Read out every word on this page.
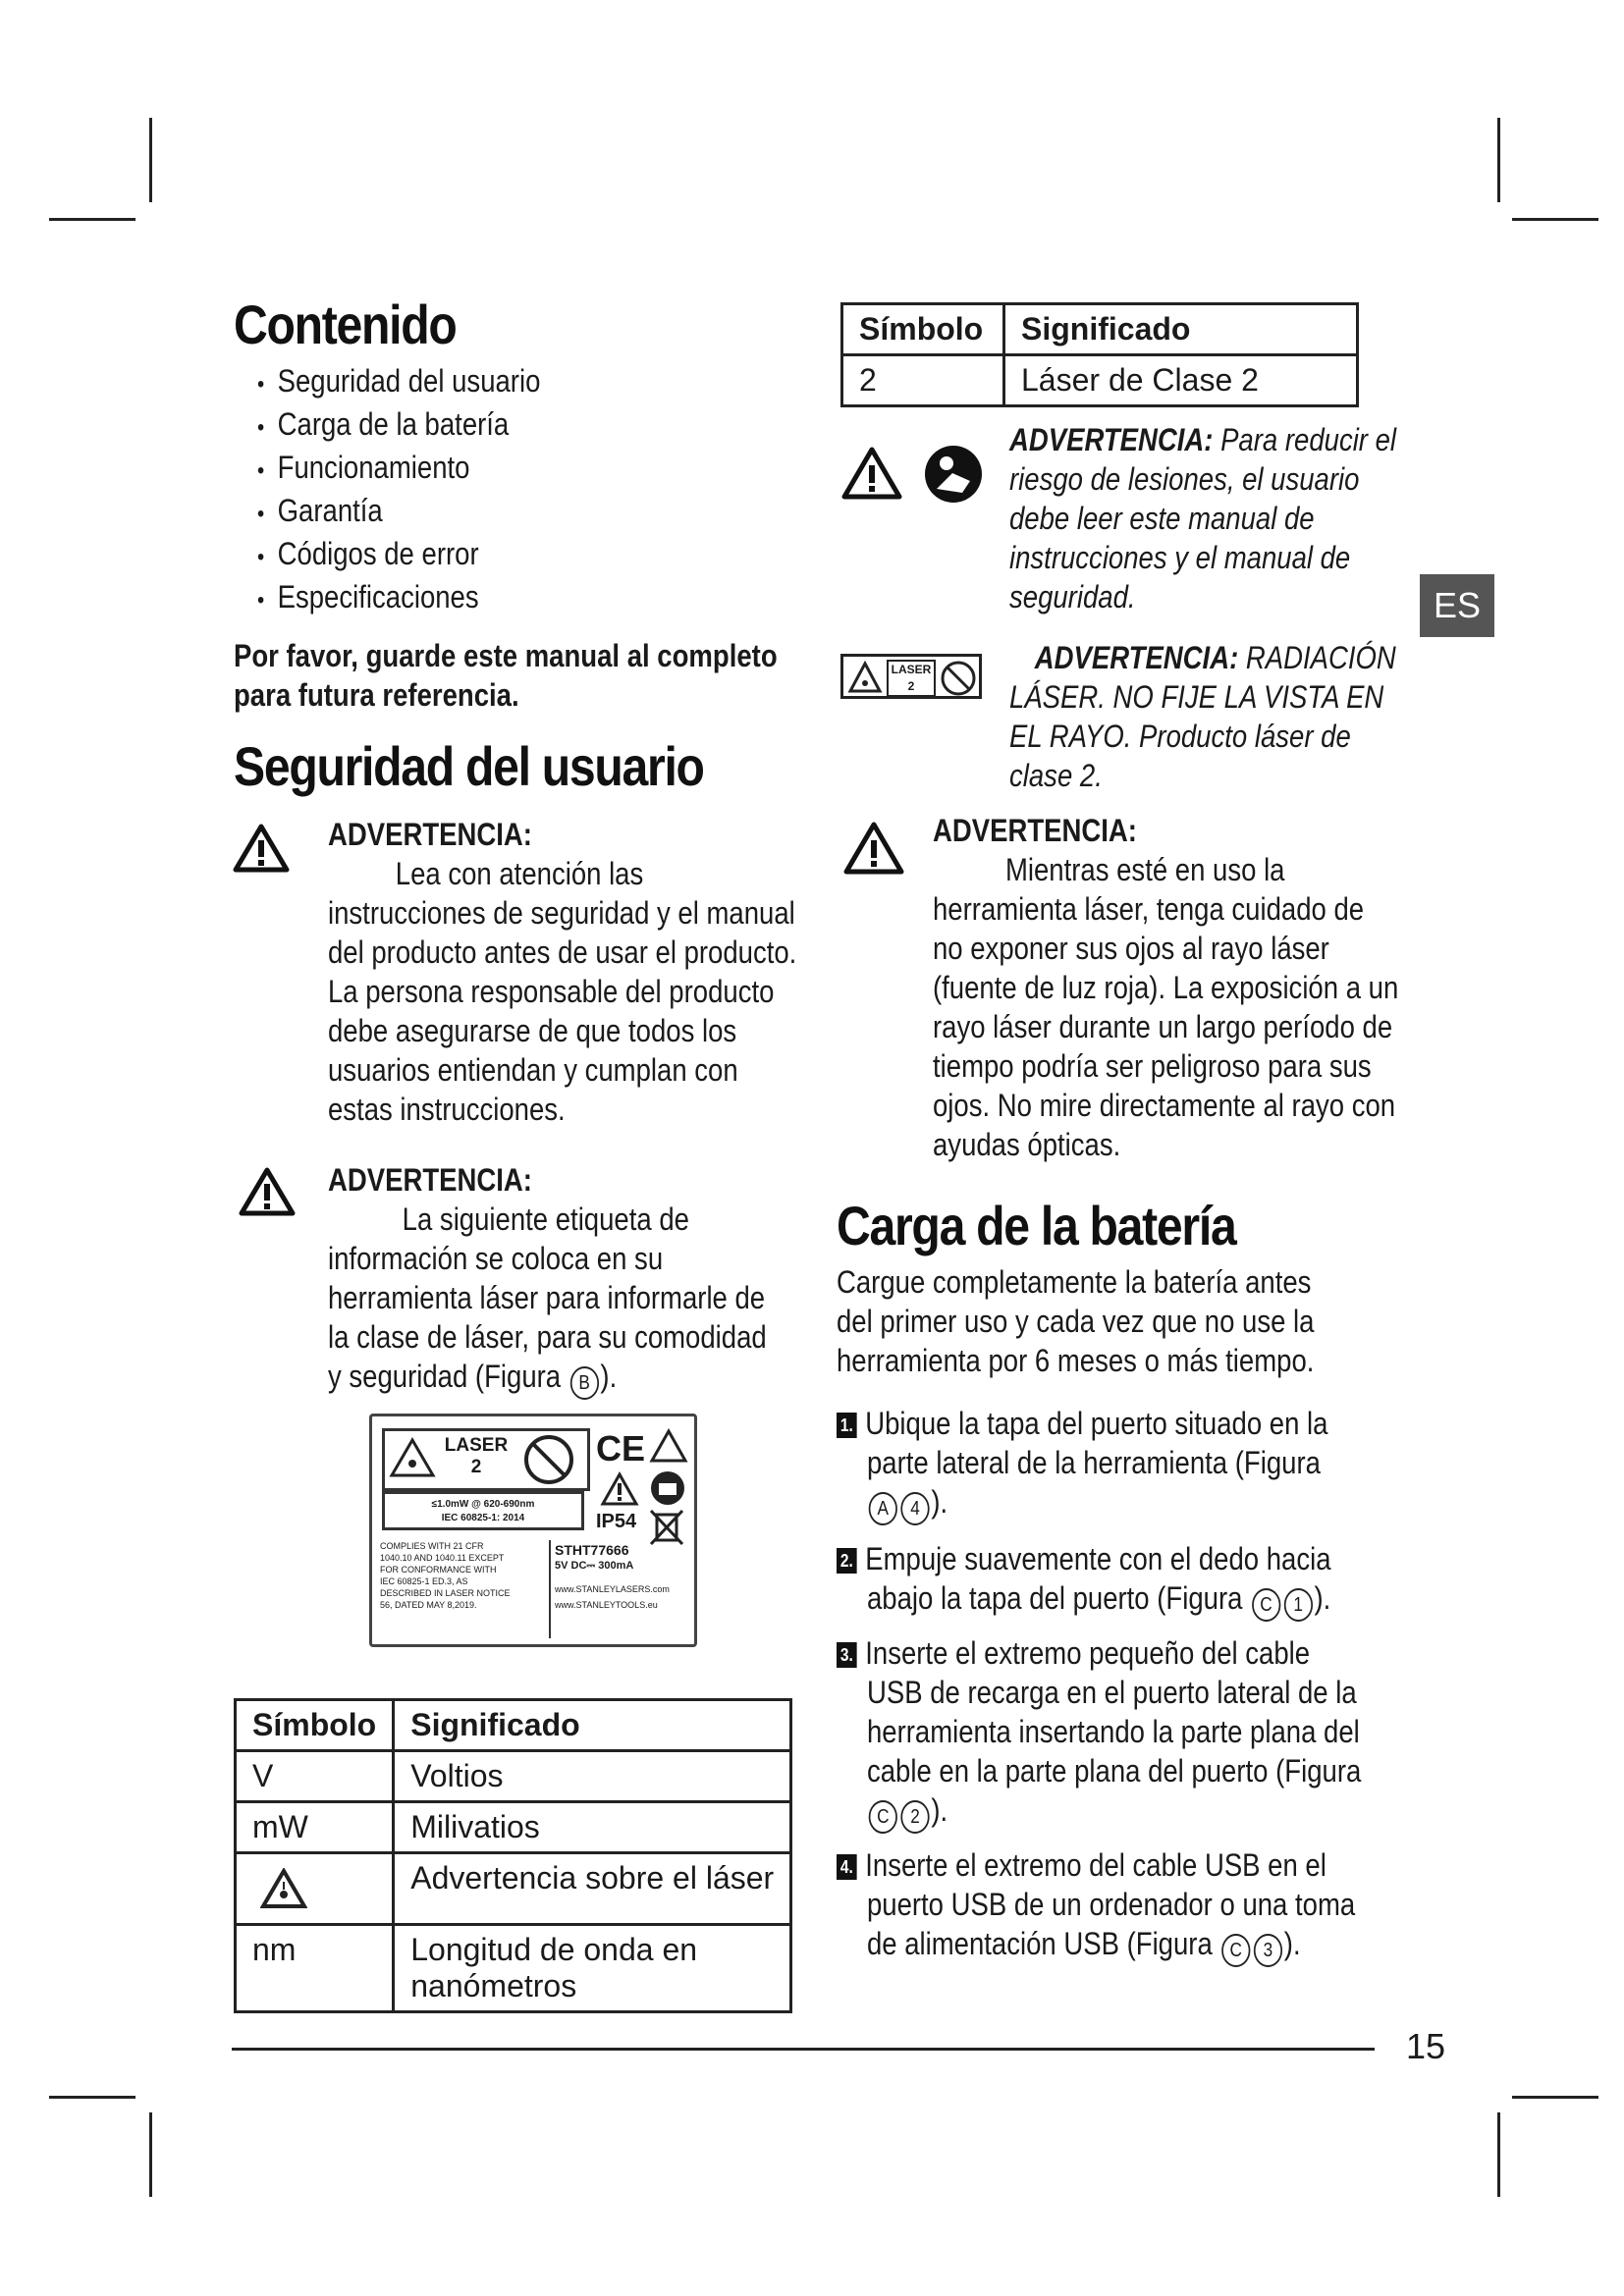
Contenido
• Seguridad del usuario
• Carga de la batería
• Funcionamiento
• Garantía
• Códigos de error
• Especificaciones
Por favor, guarde este manual al completo
para futura referencia.
Seguridad del usuario
ADVERTENCIA:
Lea con atención las
instrucciones de seguridad y el manual
del producto antes de usar el producto.
La persona responsable del producto
debe asegurarse de que todos los
usuarios entiendan y cumplan con
estas instrucciones.
ADVERTENCIA:
La siguiente etiqueta de
información se coloca en su
herramienta láser para informarle de
la clase de láser, para su comodidad
y seguridad (Figura B ).
LASER
2	CE
≤1.0mW @ 620-690nm
IEC 60825-1: 2014	IP54
COMPLIES WITH 21 CFR
1040.10 AND 1040.11 EXCEPT
FOR CONFORMANCE WITH
IEC 60825-1 ED.3, AS
DESCRIBED IN LASER NOTICE
56, DATED MAY 8,2019.
STHT77666
5V DC⎓ 300mA
www.STANLEYLASERS.com
www.STANLEYTOOLS.eu
Símbolo	Significado
V	Voltios
mW	Milivatios
	Advertencia sobre el láser
nm	Longitud de onda en
nanómetros
Símbolo	Significado
2	Láser de Clase 2
ADVERTENCIA: Para reducir el
riesgo de lesiones, el usuario
debe leer este manual de
instrucciones y el manual de
seguridad.	ES
LASER
2
ADVERTENCIA: RADIACIÓN
LÁSER. NO FIJE LA VISTA EN
EL RAYO. Producto láser de
clase 2.
ADVERTENCIA:
Mientras esté en uso la
herramienta láser, tenga cuidado de
no exponer sus ojos al rayo láser
(fuente de luz roja). La exposición a un
rayo láser durante un largo período de
tiempo podría ser peligroso para sus
ojos. No mire directamente al rayo con
ayudas ópticas.
Carga de la batería
Cargue completamente la batería antes
del primer uso y cada vez que no use la
herramienta por 6 meses o más tiempo.
1. Ubique la tapa del puerto situado en la
parte lateral de la herramienta (Figura
A 4 ).
2. Empuje suavemente con el dedo hacia
abajo la tapa del puerto (Figura C 1 ).
3. Inserte el extremo pequeño del cable
USB de recarga en el puerto lateral de la
herramienta insertando la parte plana del
cable en la parte plana del puerto (Figura
C 2 ).
4. Inserte el extremo del cable USB en el
puerto USB de un ordenador o una toma
de alimentación USB (Figura C 3 ).
15
